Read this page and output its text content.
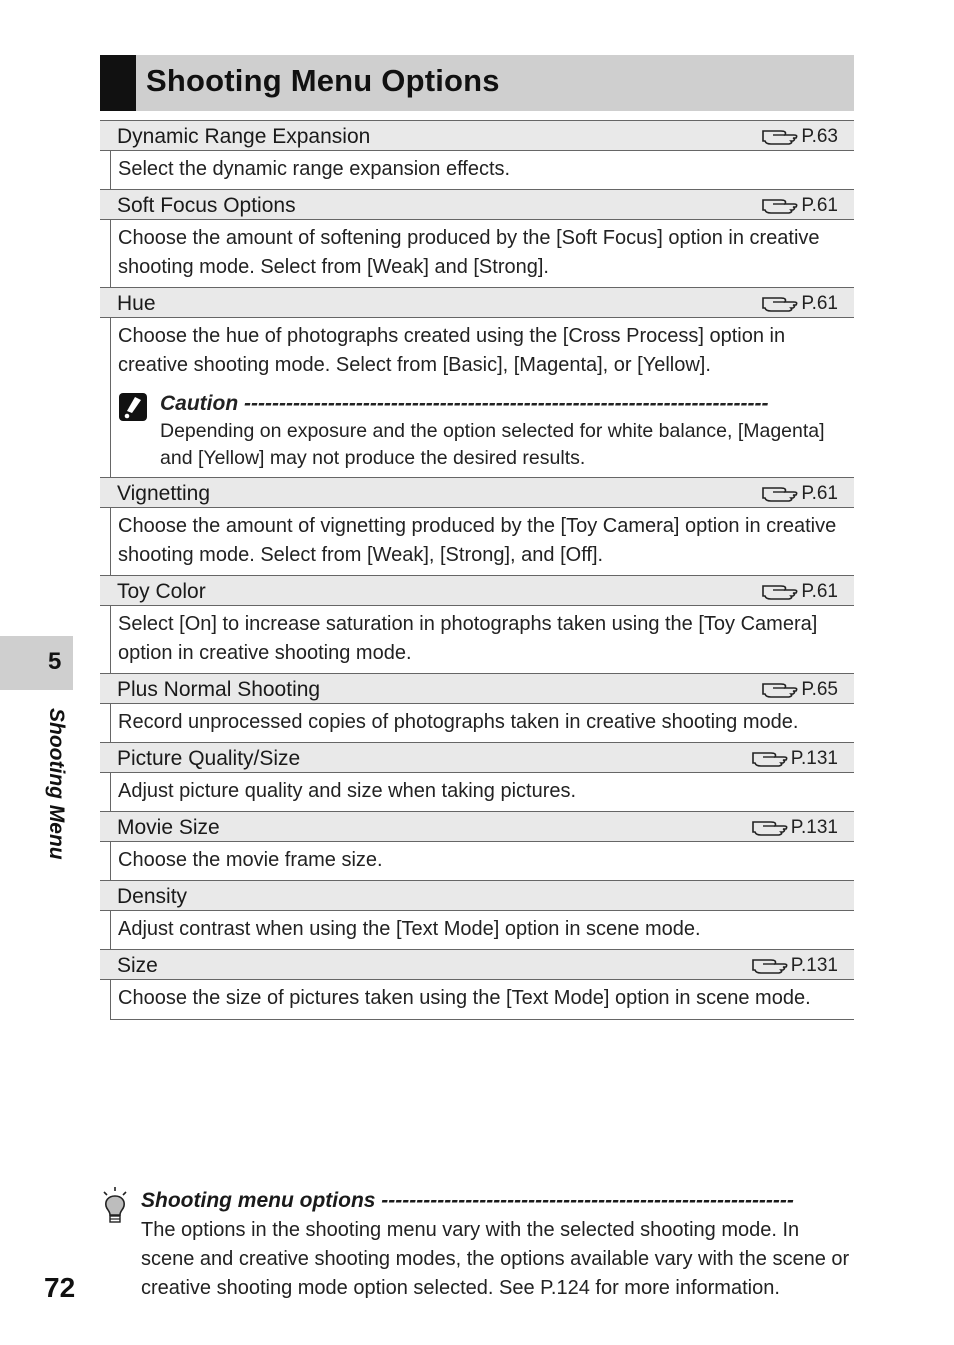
Shooting Menu Options
Dynamic Range Expansion	P.63
Select the dynamic range expansion effects.
Soft Focus Options	P.61
Choose the amount of softening produced by the [Soft Focus] option in creative shooting mode. Select from [Weak] and [Strong].
Hue	P.61
Choose the hue of photographs created using the [Cross Process] option in creative shooting mode. Select from [Basic], [Magenta], or [Yellow].
Caution ---------------------------------------------------------------------------
Depending on exposure and the option selected for white balance, [Magenta] and [Yellow] may not produce the desired results.
Vignetting	P.61
Choose the amount of vignetting produced by the [Toy Camera] option in creative shooting mode. Select from [Weak], [Strong], and [Off].
Toy Color	P.61
Select [On] to increase saturation in photographs taken using the [Toy Camera] option in creative shooting mode.
Plus Normal Shooting	P.65
Record unprocessed copies of photographs taken in creative shooting mode.
Picture Quality/Size	P.131
Adjust picture quality and size when taking pictures.
Movie Size	P.131
Choose the movie frame size.
Density
Adjust contrast when using the [Text Mode] option in scene mode.
Size	P.131
Choose the size of pictures taken using the [Text Mode] option in scene mode.
5
Shooting Menu
Shooting menu options -----------------------------------------------------------
The options in the shooting menu vary with the selected shooting mode. In scene and creative shooting modes, the options available vary with the scene or creative shooting mode option selected. See P.124 for more information.
72
